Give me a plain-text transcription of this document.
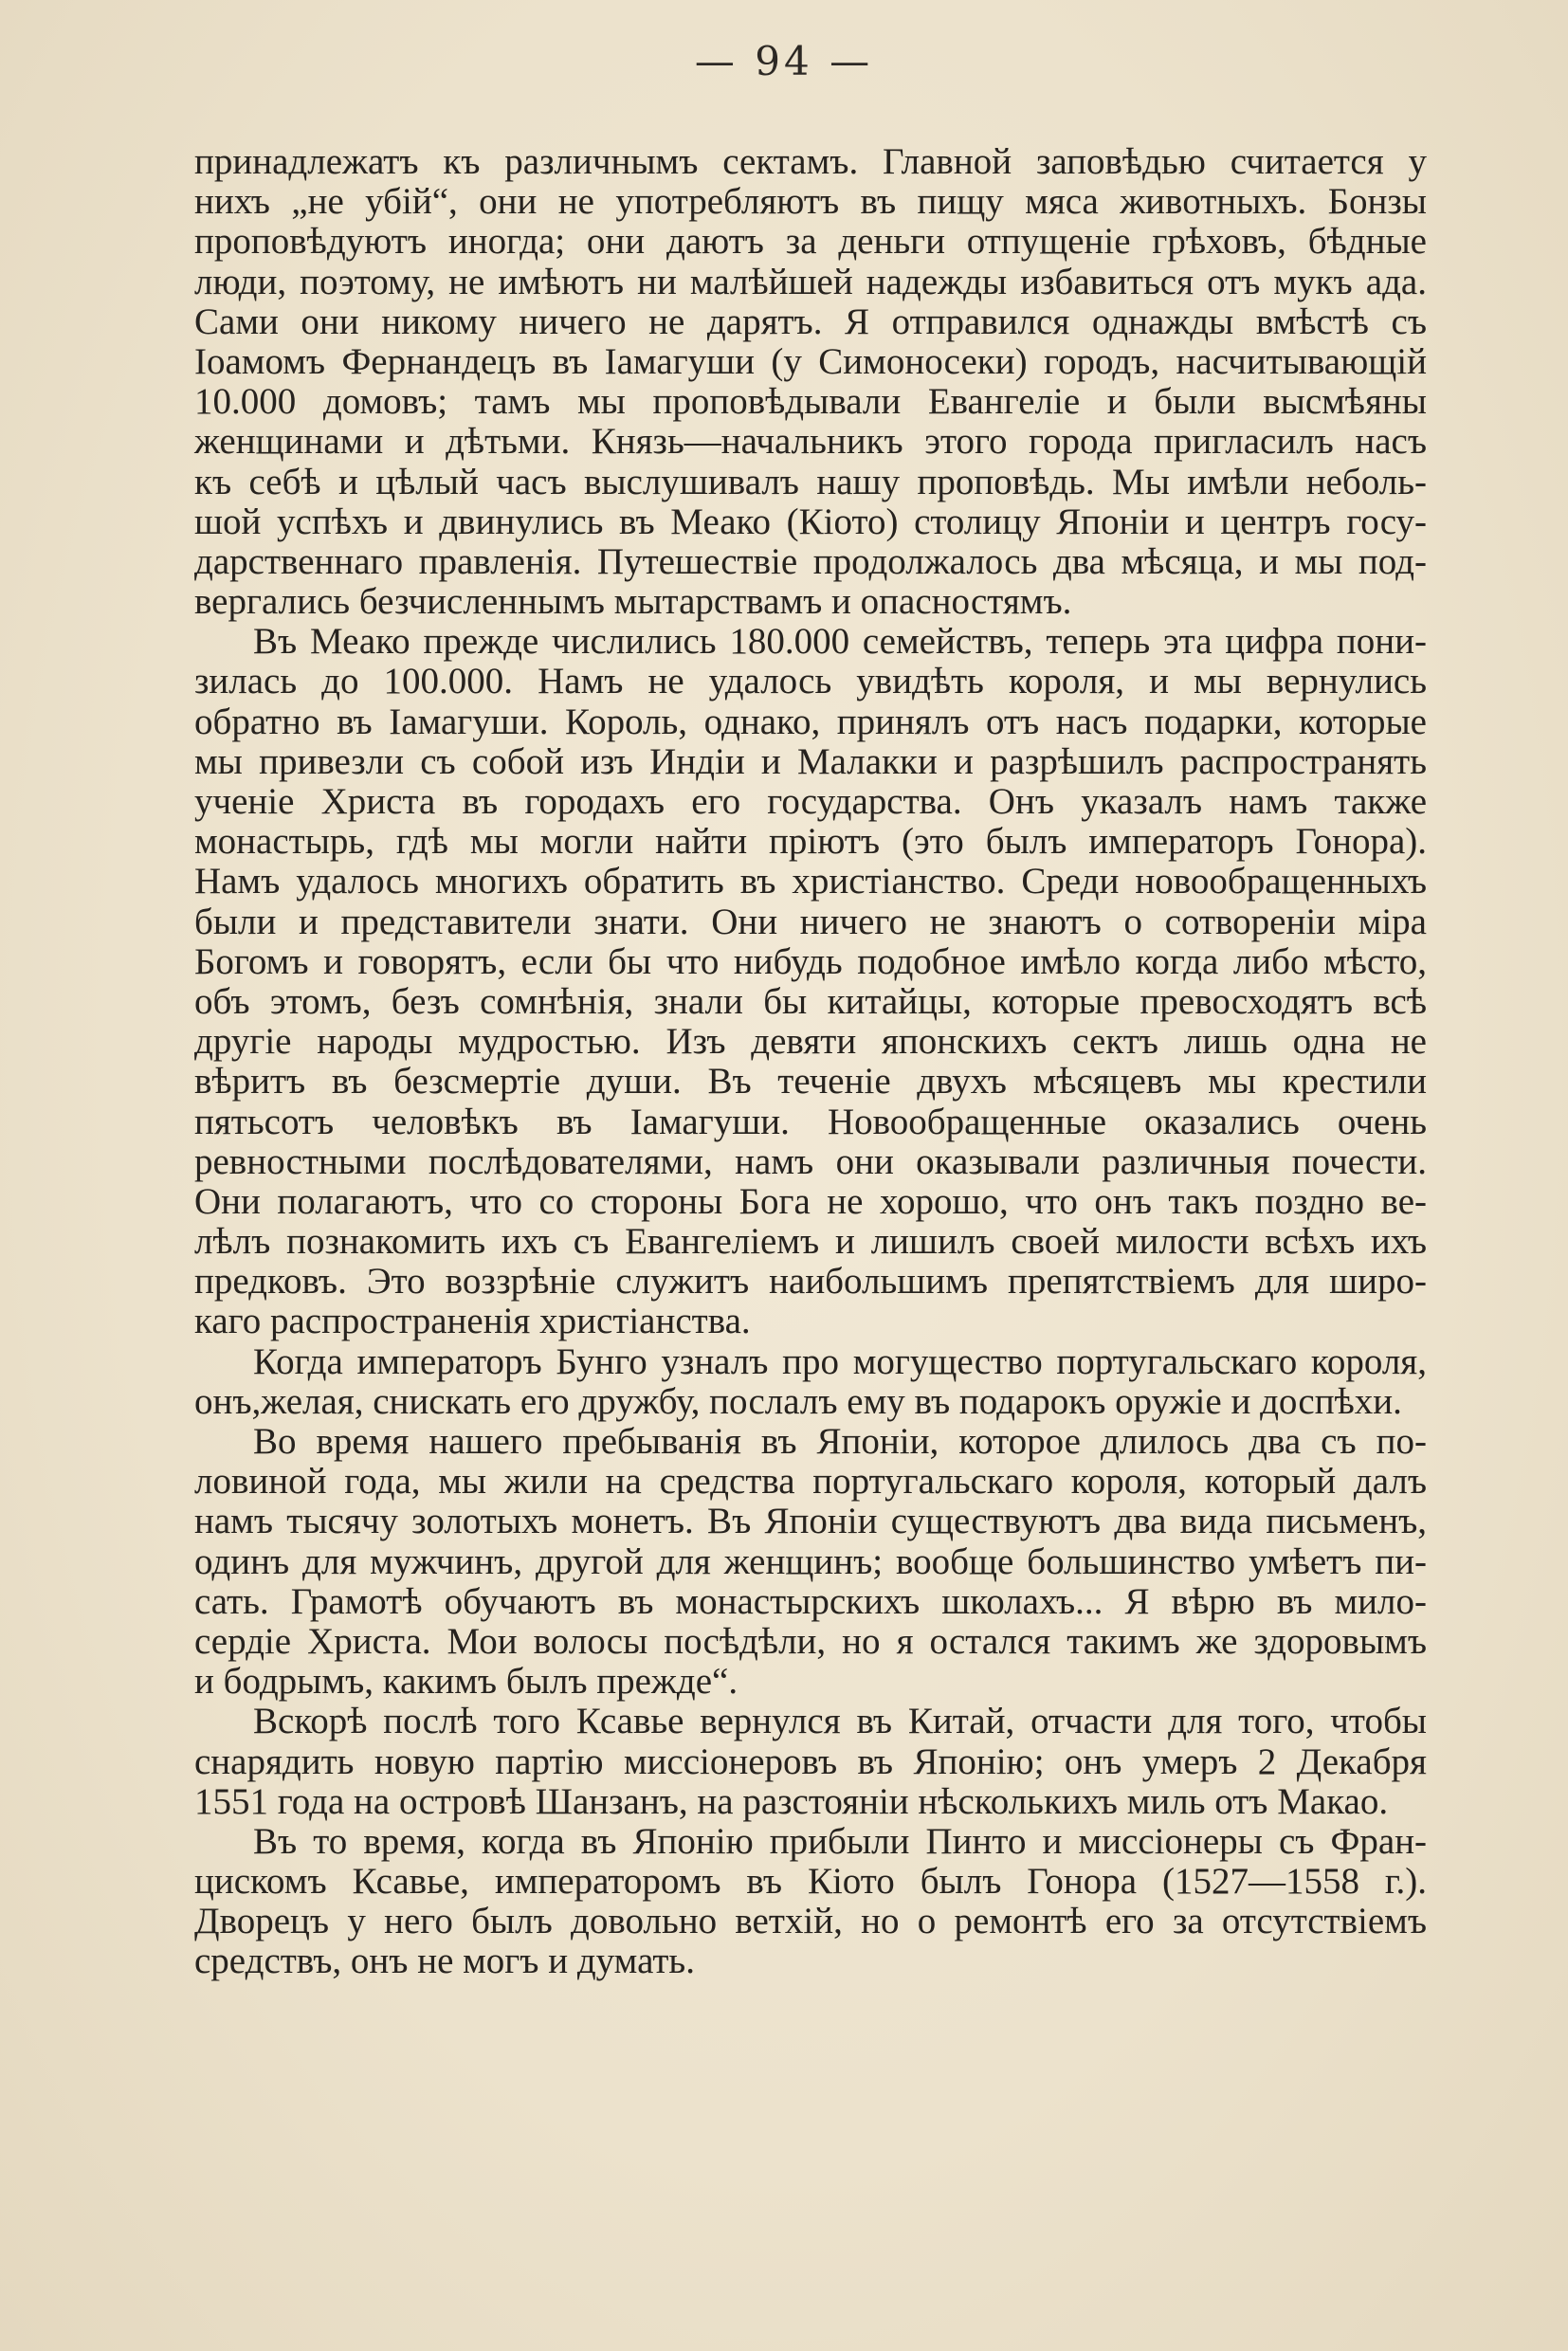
— 94 —
принадлежатъ къ различнымъ сектамъ. Главной заповѣдью считается у
нихъ „не убій“, они не употребляютъ въ пищу мяса животныхъ. Бонзы
проповѣдуютъ иногда; они даютъ за деньги отпущеніе грѣховъ, бѣдные
люди, поэтому, не имѣютъ ни малѣйшей надежды избавиться отъ мукъ ада.
Сами они никому ничего не дарятъ. Я отправился однажды вмѣстѣ съ
Іоамомъ Фернандецъ въ Іамагуши (у Симоносеки) городъ, насчитывающій
10.000 домовъ; тамъ мы проповѣдывали Евангеліе и были высмѣяны
женщинами и дѣтьми. Князь—начальникъ этого города пригласилъ насъ
къ себѣ и цѣлый часъ выслушивалъ нашу проповѣдь. Мы имѣли неболь-
шой успѣхъ и двинулись въ Меако (Кіото) столицу Японіи и центръ госу-
дарственнаго правленія. Путешествіе продолжалось два мѣсяца, и мы под-
вергались безчисленнымъ мытарствамъ и опасностямъ.
Въ Меако прежде числились 180.000 семействъ, теперь эта цифра пони-
зилась до 100.000. Намъ не удалось увидѣть короля, и мы вернулись
обратно въ Іамагуши. Король, однако, принялъ отъ насъ подарки, которые
мы привезли съ собой изъ Индіи и Малакки и разрѣшилъ распространять
ученіе Христа въ городахъ его государства. Онъ указалъ намъ также
монастырь, гдѣ мы могли найти пріютъ (это былъ императоръ Гонора).
Намъ удалось многихъ обратить въ христіанство. Среди новообращенныхъ
были и представители знати. Они ничего не знаютъ о сотвореніи міра
Богомъ и говорятъ, если бы что нибудь подобное имѣло когда либо мѣсто,
объ этомъ, безъ сомнѣнія, знали бы китайцы, которые превосходятъ всѣ
другіе народы мудростью. Изъ девяти японскихъ сектъ лишь одна не
вѣритъ въ безсмертіе души. Въ теченіе двухъ мѣсяцевъ мы крестили
пятьсотъ человѣкъ въ Іамагуши. Новообращенные оказались очень
ревностными послѣдователями, намъ они оказывали различныя почести.
Они полагаютъ, что со стороны Бога не хорошо, что онъ такъ поздно ве-
лѣлъ познакомить ихъ съ Евангеліемъ и лишилъ своей милости всѣхъ ихъ
предковъ. Это воззрѣніе служитъ наибольшимъ препятствіемъ для широ-
каго распространенія христіанства.
Когда императоръ Бунго узналъ про могущество португальскаго короля,
онъ,желая, снискать его дружбу, послалъ ему въ подарокъ оружіе и доспѣхи.
Во время нашего пребыванія въ Японіи, которое длилось два съ по-
ловиной года, мы жили на средства португальскаго короля, который далъ
намъ тысячу золотыхъ монетъ. Въ Японіи существуютъ два вида письменъ,
одинъ для мужчинъ, другой для женщинъ; вообще большинство умѣетъ пи-
сать. Грамотѣ обучаютъ въ монастырскихъ школахъ... Я вѣрю въ мило-
сердіе Христа. Мои волосы посѣдѣли, но я остался такимъ же здоровымъ
и бодрымъ, какимъ былъ прежде“.
Вскорѣ послѣ того Ксавье вернулся въ Китай, отчасти для того, чтобы
снарядить новую партію миссіонеровъ въ Японію; онъ умеръ 2 Декабря
1551 года на островѣ Шанзанъ, на разстояніи нѣсколькихъ миль отъ Макао.
Въ то время, когда въ Японію прибыли Пинто и миссіонеры съ Фран-
цискомъ Ксавье, императоромъ въ Кіото былъ Гонора (1527—1558 г.).
Дворецъ у него былъ довольно ветхій, но о ремонтѣ его за отсутствіемъ
средствъ, онъ не могъ и думать.
